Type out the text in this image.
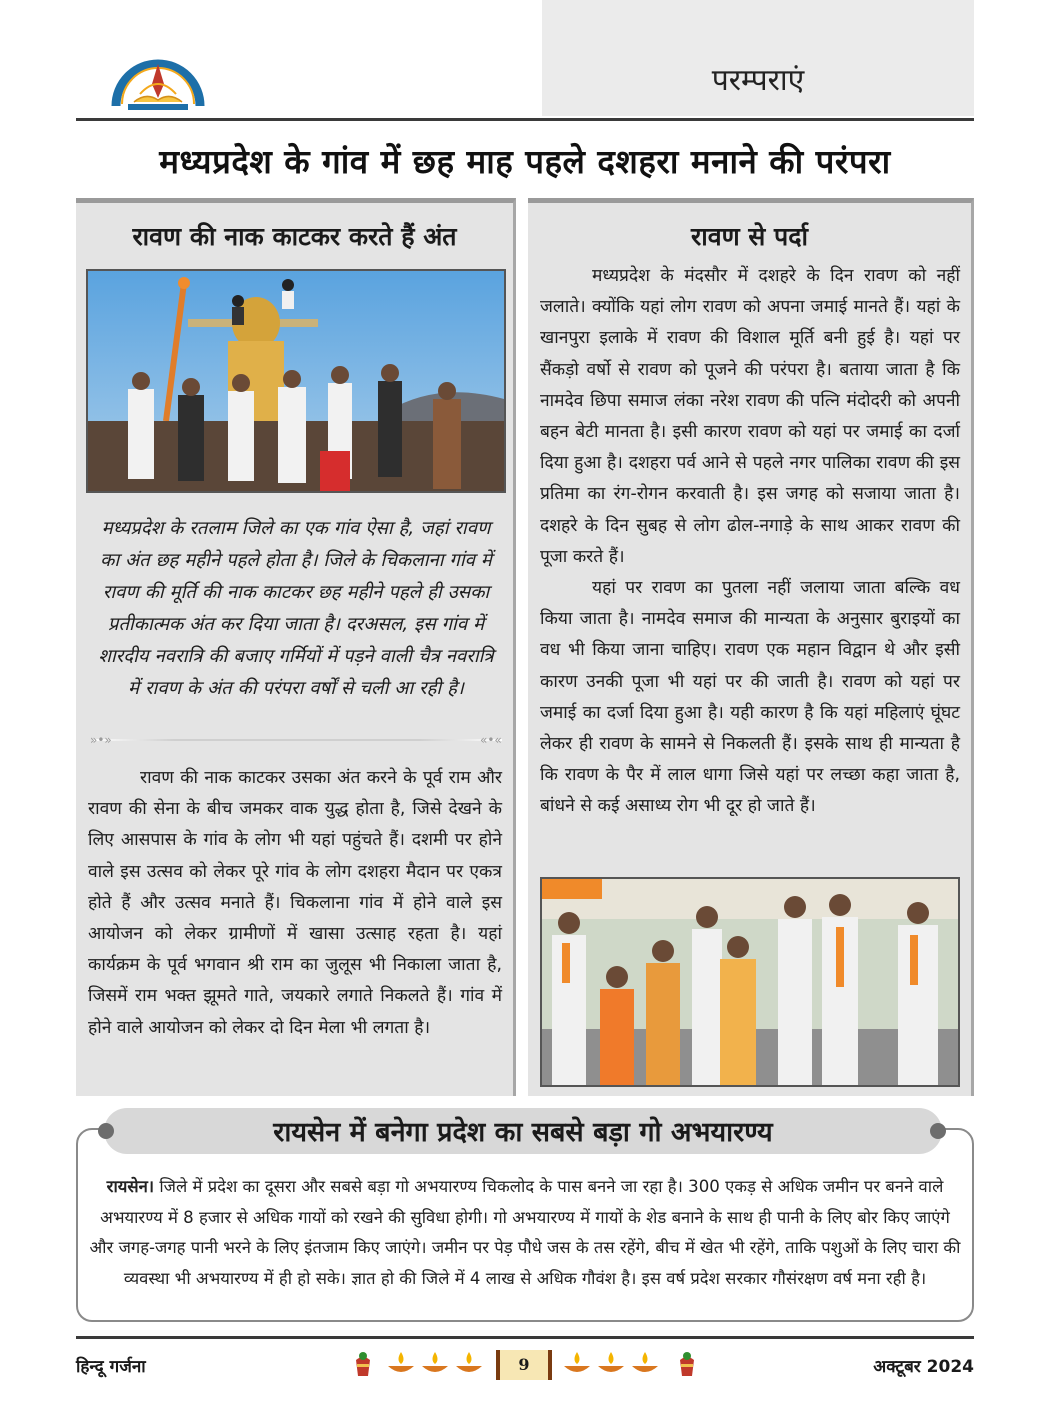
परम्पराएं
मध्यप्रदेश के गांव में छह माह पहले दशहरा मनाने की परंपरा
रावण की नाक काटकर करते हैं अंत
मध्यप्रदेश के रतलाम जिले का एक गांव ऐसा है, जहां रावण का अंत छह महीने पहले होता है। जिले के चिकलाना गांव में रावण की मूर्ति की नाक काटकर छह महीने पहले ही उसका प्रतीकात्मक अंत कर दिया जाता है। दरअसल, इस गांव में शारदीय नवरात्रि की बजाए गर्मियों में पड़ने वाली चैत्र नवरात्रि में रावण के अंत की परंपरा वर्षों से चली आ रही है।
»•»	«•«

रावण की नाक काटकर उसका अंत करने के पूर्व राम और रावण की सेना के बीच जमकर वाक युद्ध होता है, जिसे देखने के लिए आसपास के गांव के लोग भी यहां पहुंचते हैं। दशमी पर होने वाले इस उत्सव को लेकर पूरे गांव के लोग दशहरा मैदान पर एकत्र होते हैं और उत्सव मनाते हैं। चिकलाना गांव में होने वाले इस आयोजन को लेकर ग्रामीणों में खासा उत्साह रहता है। यहां कार्यक्रम के पूर्व भगवान श्री राम का जुलूस भी निकाला जाता है, जिसमें राम भक्त झूमते गाते, जयकारे लगाते निकलते हैं। गांव में होने वाले आयोजन को लेकर दो दिन मेला भी लगता है।

रावण से पर्दा

मध्यप्रदेश के मंदसौर में दशहरे के दिन रावण को नहीं जलाते। क्योंकि यहां लोग रावण को अपना जमाई मानते हैं। यहां के खानपुरा इलाके में रावण की विशाल मूर्ति बनी हुई है। यहां पर सैंकड़ो वर्षो से रावण को पूजने की परंपरा है। बताया जाता है कि नामदेव छिपा समाज लंका नरेश रावण की पत्नि मंदोदरी को अपनी बहन बेटी मानता है। इसी कारण रावण को यहां पर जमाई का दर्जा दिया हुआ है। दशहरा पर्व आने से पहले नगर पालिका रावण की इस प्रतिमा का रंग-रोगन करवाती है। इस जगह को सजाया जाता है। दशहरे के दिन सुबह से लोग ढोल-नगाड़े के साथ आकर रावण की पूजा करते हैं।

यहां पर रावण का पुतला नहीं जलाया जाता बल्कि वध किया जाता है। नामदेव समाज की मान्यता के अनुसार बुराइयों का वध भी किया जाना चाहिए। रावण एक महान विद्वान थे और इसी कारण उनकी पूजा भी यहां पर की जाती है। रावण को यहां पर जमाई का दर्जा दिया हुआ है। यही कारण है कि यहां महिलाएं घूंघट लेकर ही रावण के सामने से निकलती हैं। इसके साथ ही मान्यता है कि रावण के पैर में लाल धागा जिसे यहां पर लच्छा कहा जाता है, बांधने से कई असाध्य रोग भी दूर हो जाते हैं।

रायसेन में बनेगा प्रदेश का सबसे बड़ा गो अभयारण्य
रायसेन। जिले में प्रदेश का दूसरा और सबसे बड़ा गो अभयारण्य चिकलोद के पास बनने जा रहा है। 300 एकड़ से अधिक जमीन पर बनने वाले अभयारण्य में 8 हजार से अधिक गायों को रखने की सुविधा होगी। गो अभयारण्य में गायों के शेड बनाने के साथ ही पानी के लिए बोर किए जाएंगे और जगह-जगह पानी भरने के लिए इंतजाम किए जाएंगे। जमीन पर पेड़ पौधे जस के तस रहेंगे, बीच में खेत भी रहेंगे, ताकि पशुओं के लिए चारा की व्यवस्था भी अभयारण्य में ही हो सके। ज्ञात हो की जिले में 4 लाख से अधिक गौवंश है। इस वर्ष प्रदेश सरकार गौसंरक्षण वर्ष मना रही है।
हिन्दू गर्जना	अक्टूबर 2024
9
